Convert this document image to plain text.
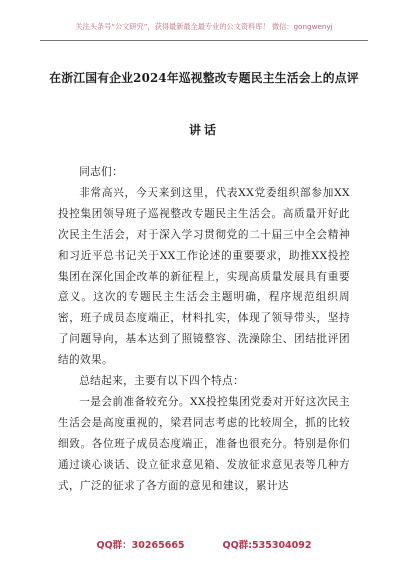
关注头条号“公文研究”，获得最新最全最专业的公文资料库！ 微信：gongwenyj
在浙江国有企业2024年巡视整改专题民主生活会上的点评
讲话

同志们：

非常高兴，今天来到这里，代表XX党委组织部参加XX投控集团领导班子巡视整改专题民主生活会。高质量开好此次民主生活会，对于深入学习贯彻党的二十届三中全会精神和习近平总书记关于XX工作论述的重要要求，助推XX投控集团在深化国企改革的新征程上，实现高质量发展具有重要意义。这次的专题民主生活会主题明确，程序规范组织周密，班子成员态度端正，材料扎实，体现了领导带头，坚持了问题导向，基本达到了照镜整容、洗澡除尘、团结批评团结的效果。

总结起来，主要有以下四个特点：

一是会前准备较充分。XX投控集团党委对开好这次民主生活会是高度重视的，梁君同志考虑的比较周全，抓的比较细致。各位班子成员态度端正，准备也很充分。特别是你们通过谈心谈话、设立征求意见箱、发放征求意见表等几种方式，广泛的征求了各方面的意见和建议，累计达

QQ群：30265665	QQ群:535304092
